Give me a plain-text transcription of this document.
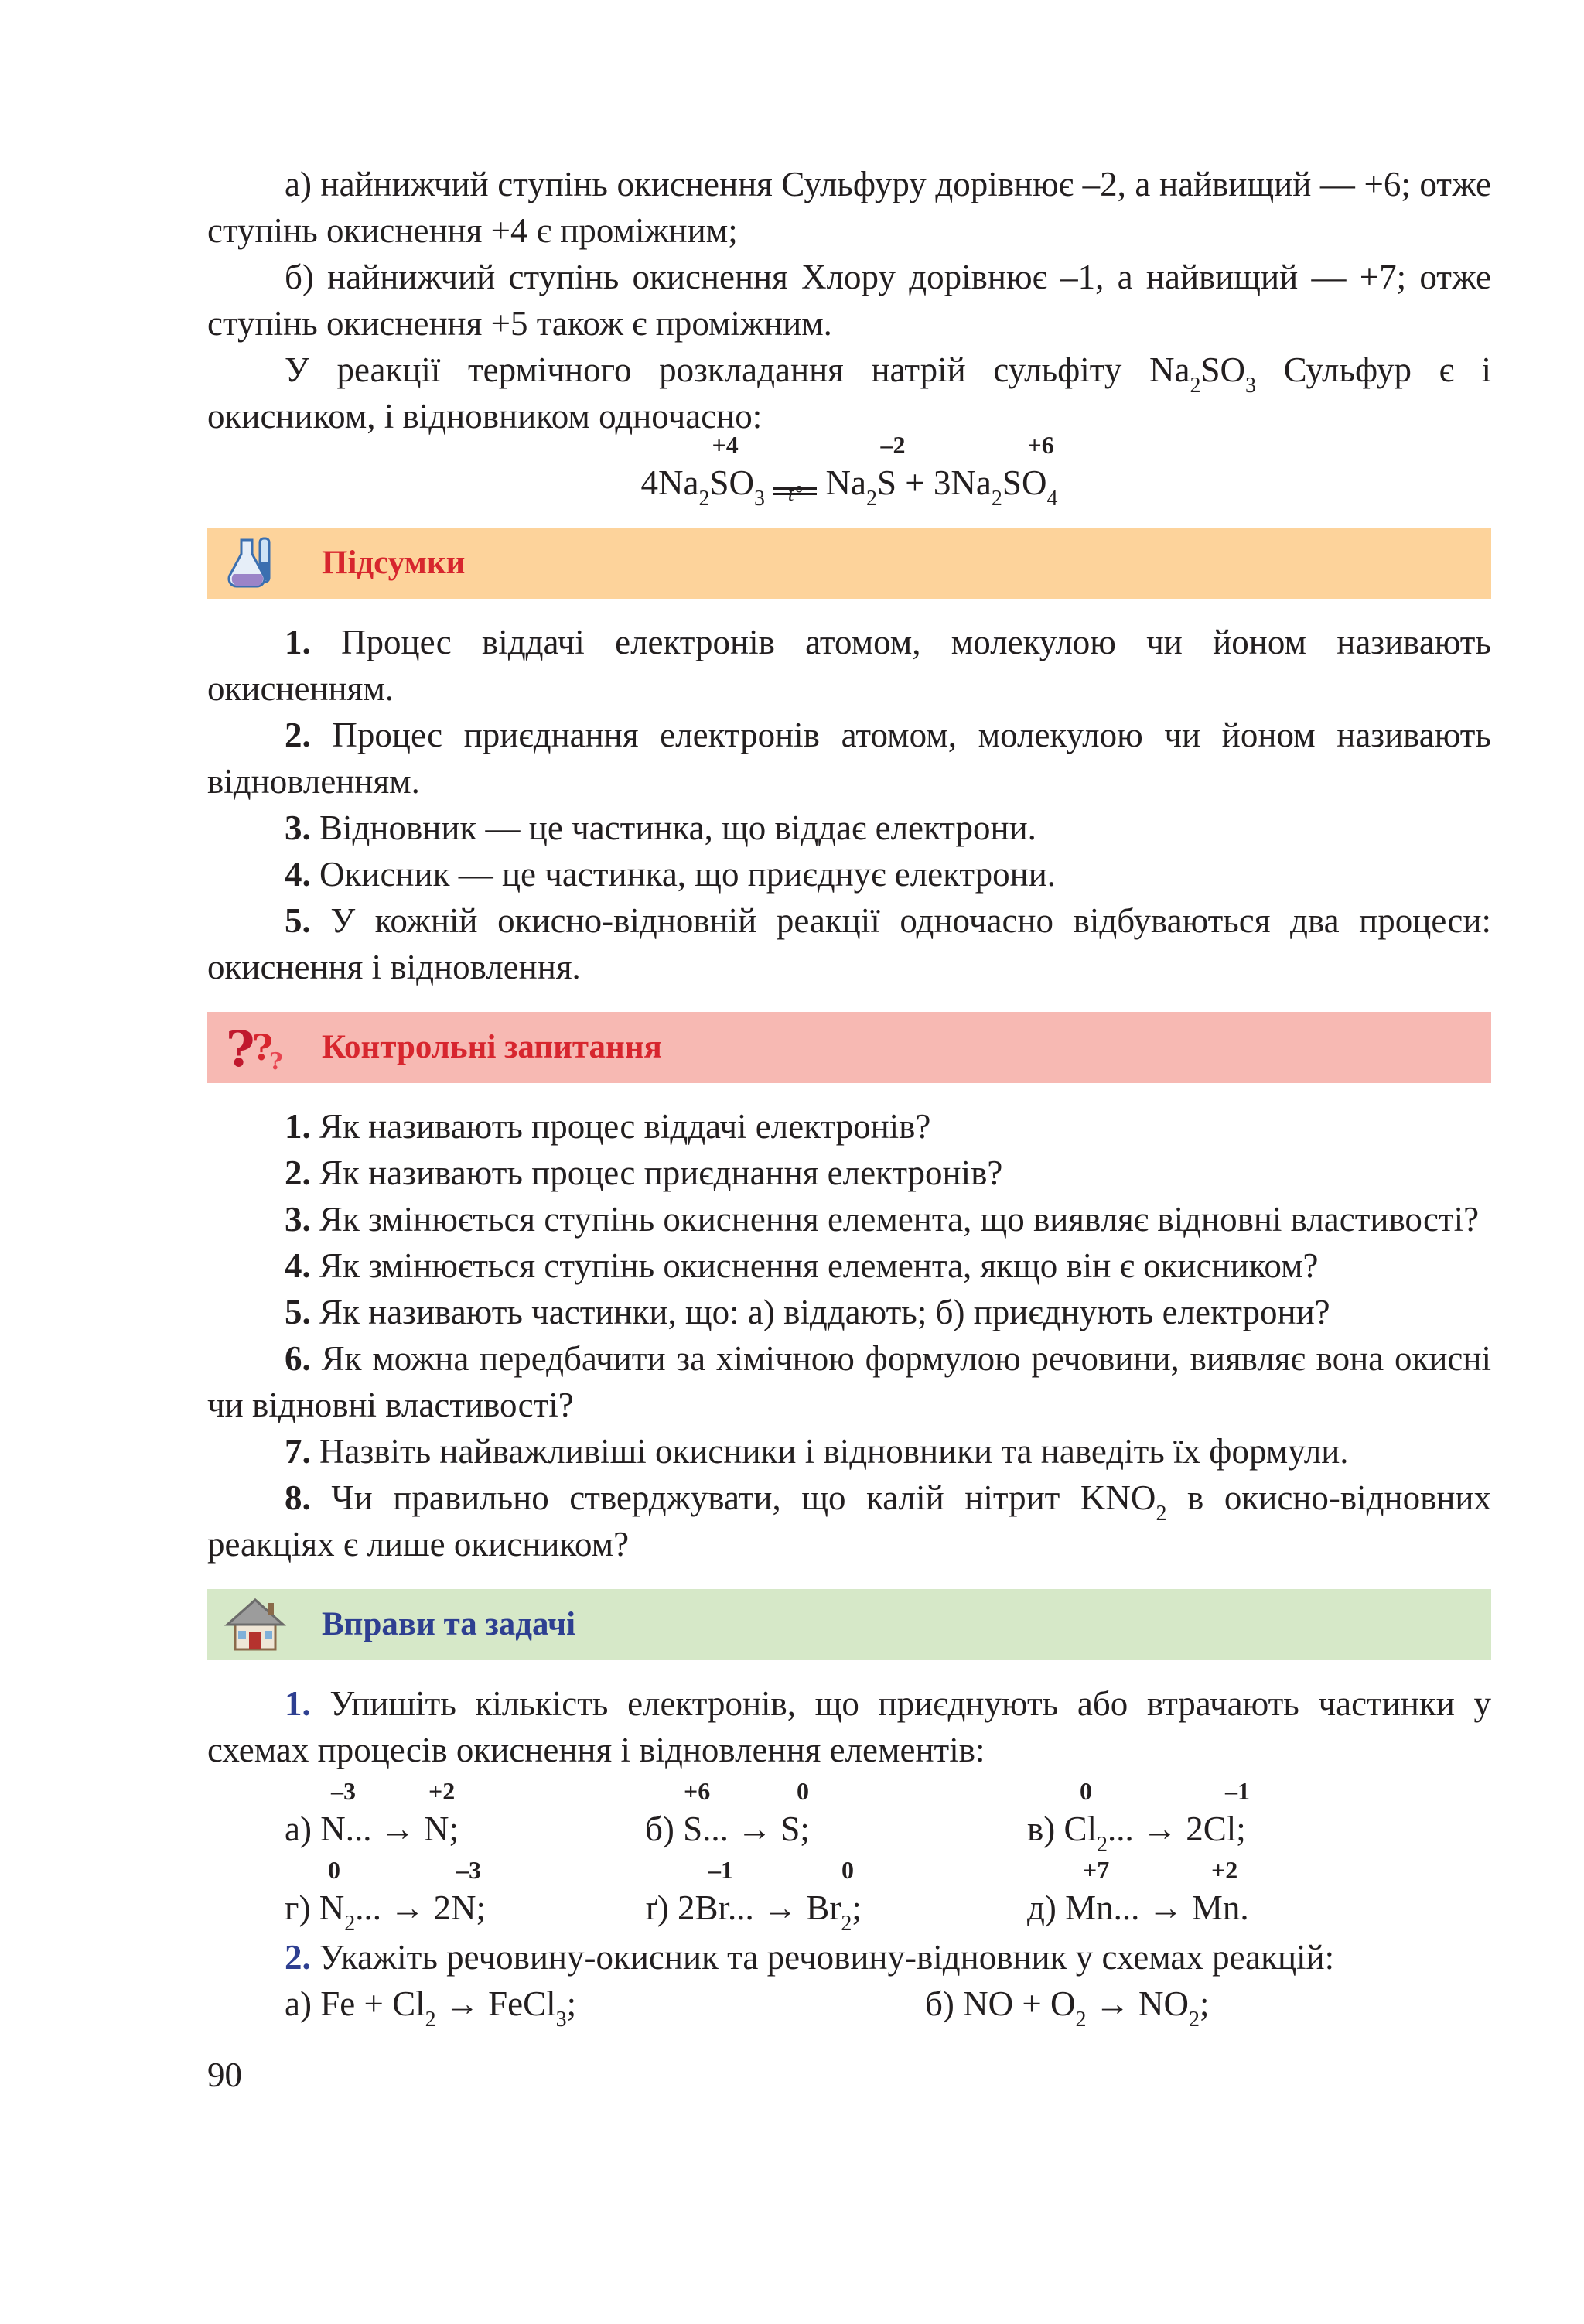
а) найнижчий ступінь окиснення Сульфуру дорівнює –2, а найвищий — +6; отже ступінь окиснення +4 є проміжним;

б) найнижчий ступінь окиснення Хлору дорівнює –1, а найвищий — +7; отже ступінь окиснення +5 також є проміжним.

У реакції термічного розкладання натрій сульфіту $Na_2SO_3$ Сульфур є і окисником, і відновником одночасно:

+4	–2	+6
$4Na_2SO_3$	t° $Na_2S + 3Na_2SO_4$
Підсумки

1. Процес віддачі електронів атомом, молекулою чи йоном називають окисненням.

2. Процес приєднання електронів атомом, молекулою чи йоном називають відновленням.

3. Відновник — це частинка, що віддає електрони.

4. Окисник — це частинка, що приєднує електрони.

5. У кожній окисно-відновній реакції одночасно відбуваються два процеси: окиснення і відновлення.

?
?
? Контрольні запитання

1. Як називають процес віддачі електронів?

2. Як називають процес приєднання електронів?

3. Як змінюється ступінь окиснення елемента, що виявляє відновні властивості?

4. Як змінюється ступінь окиснення елемента, якщо він є окисником?

5. Як називають частинки, що: а) віддають; б) приєднують електрони?

6. Як можна передбачити за хімічною формулою речовини, виявляє вона окисні чи відновні властивості?

7. Назвіть найважливіші окисники і відновники та наведіть їх формули.

8. Чи правильно стверджувати, що калій нітрит $KNO_2$ в окисно-відновних реакціях є лише окисником?

Вправи та задачі

1. Упишіть кількість електронів, що приєднують або втрачають частинки у схемах процесів окиснення і відновлення елементів:

–3	+2
а) N... → N;
+6	0
б) S... → S;
0	–1
в) $Cl_2$... → 2Cl;
0	–3
г) $N_2$... → 2N;
–1	0
ґ) 2Br... → $Br_2$;
+7	+2
д) Mn... → Mn.

2. Укажіть речовину-окисник та речовину-відновник у схемах реакцій:

а) $Fe + Cl_2$ → FeCl$_3$;	б) NO + $O_2 \to NO_2$;
90
